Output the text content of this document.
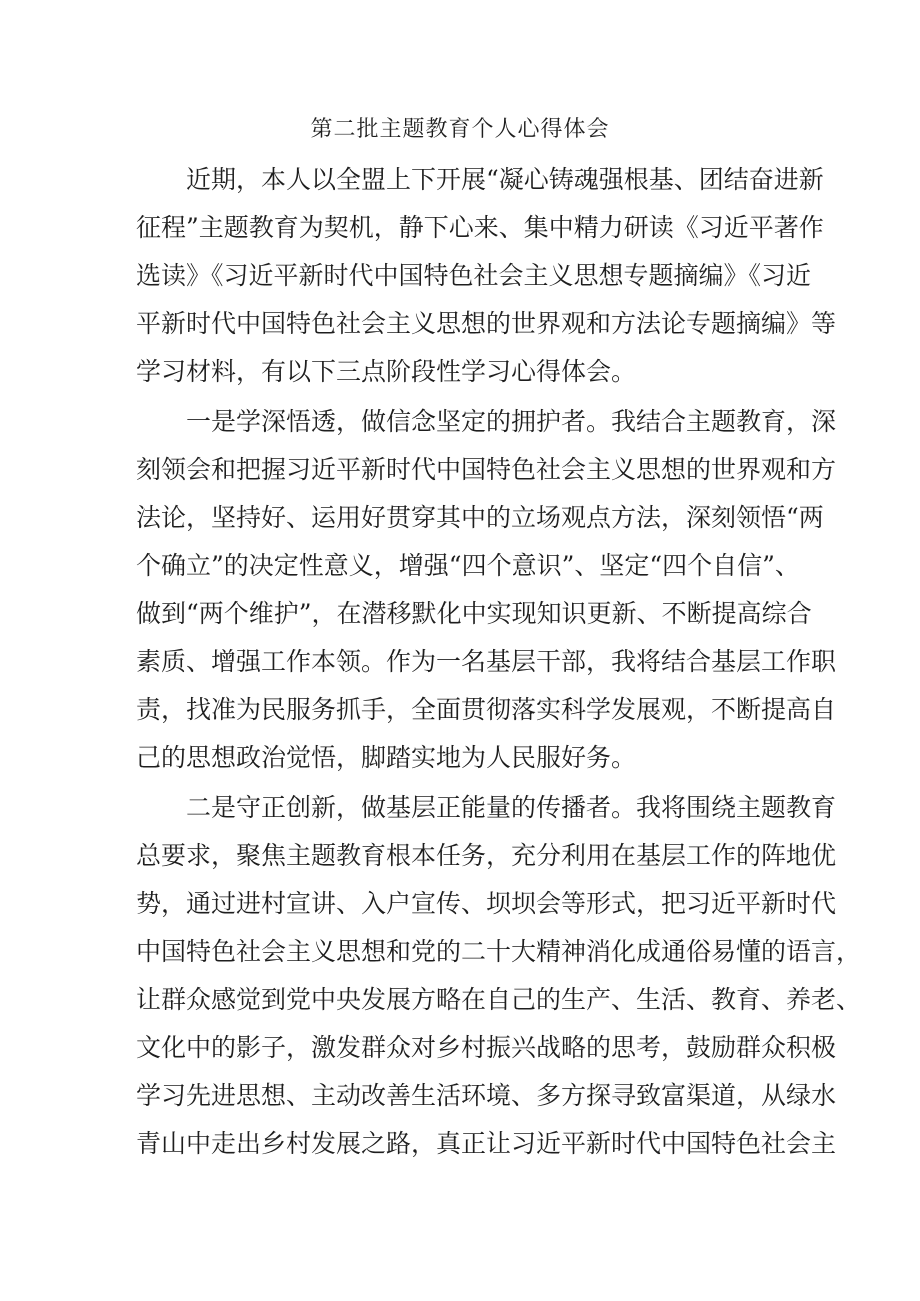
第二批主题教育个人心得体会
近期，本人以全盟上下开展“凝心铸魂强根基、团结奋进新
征程”主题教育为契机，静下心来、集中精力研读《习近平著作
选读》《习近平新时代中国特色社会主义思想专题摘编》《习近
平新时代中国特色社会主义思想的世界观和方法论专题摘编》等
学习材料，有以下三点阶段性学习心得体会。
一是学深悟透，做信念坚定的拥护者。我结合主题教育，深
刻领会和把握习近平新时代中国特色社会主义思想的世界观和方
法论，坚持好、运用好贯穿其中的立场观点方法，深刻领悟“两
个确立”的决定性意义，增强“四个意识”、坚定“四个自信”、
做到“两个维护”，在潜移默化中实现知识更新、不断提高综合
素质、增强工作本领。作为一名基层干部，我将结合基层工作职
责，找准为民服务抓手，全面贯彻落实科学发展观，不断提高自
己的思想政治觉悟，脚踏实地为人民服好务。
二是守正创新，做基层正能量的传播者。我将围绕主题教育
总要求，聚焦主题教育根本任务，充分利用在基层工作的阵地优
势，通过进村宣讲、入户宣传、坝坝会等形式，把习近平新时代
中国特色社会主义思想和党的二十大精神消化成通俗易懂的语言，
让群众感觉到党中央发展方略在自己的生产、生活、教育、养老、
文化中的影子，激发群众对乡村振兴战略的思考，鼓励群众积极
学习先进思想、主动改善生活环境、多方探寻致富渠道，从绿水
青山中走出乡村发展之路，真正让习近平新时代中国特色社会主
